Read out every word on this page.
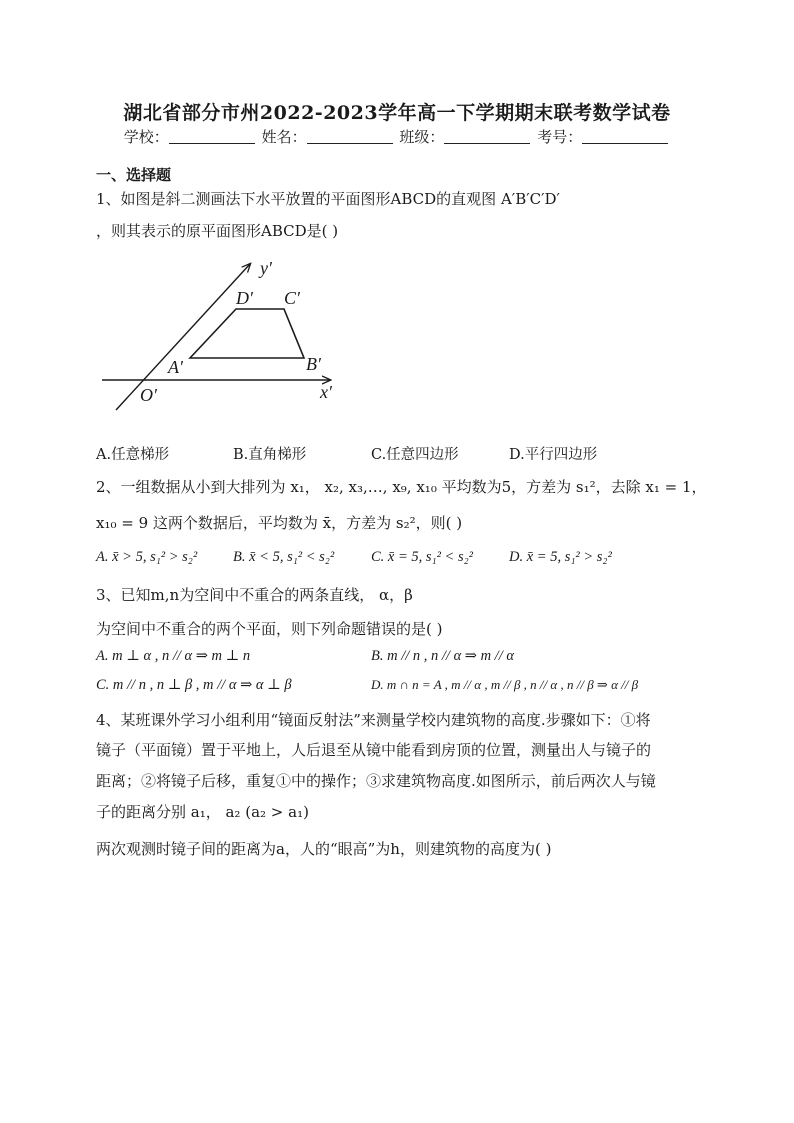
湖北省部分市州2022-2023学年高一下学期期末联考数学试卷
学校：	姓名：	班级：	考号：
一、选择题
1、如图是斜二测画法下水平放置的平面图形ABCD的直观图 A′B′C′D′
，则其表示的原平面图形ABCD是( )
y′
x′
O′
A′	B′
C′
D′
A.任意梯形	B.直角梯形	C.任意四边形	D.平行四边形
2、一组数据从小到大排列为 x₁， x₂, x₃,…, x₉, x₁₀ 平均数为5，方差为 s₁²，去除 x₁ = 1，
x₁₀ = 9 这两个数据后，平均数为 x̄，方差为 s₂²，则( )
A. x̄ > 5, s₁² > s₂² B. x̄ < 5, s₁² < s₂²	C. x̄ = 5, s₁² < s₂² D. x̄ = 5, s₁² > s₂²
3、已知m,n为空间中不重合的两条直线， α，β
为空间中不重合的两个平面，则下列命题错误的是( )
A. m ⊥ α , n // α ⇒ m ⊥ n	B. m // n , n // α ⇒ m // α
C. m // n , n ⊥ β , m // α ⇒ α ⊥ β	D. m ∩ n = A , m // α , m // β , n // α , n // β ⇒ α // β
4、某班课外学习小组利用“镜面反射法”来测量学校内建筑物的高度.步骤如下：①将
镜子（平面镜）置于平地上，人后退至从镜中能看到房顶的位置，测量出人与镜子的
距离；②将镜子后移，重复①中的操作；③求建筑物高度.如图所示，前后两次人与镜
子的距离分别 a₁， a₂ (a₂ > a₁)
两次观测时镜子间的距离为a，人的“眼高”为h，则建筑物的高度为( )
